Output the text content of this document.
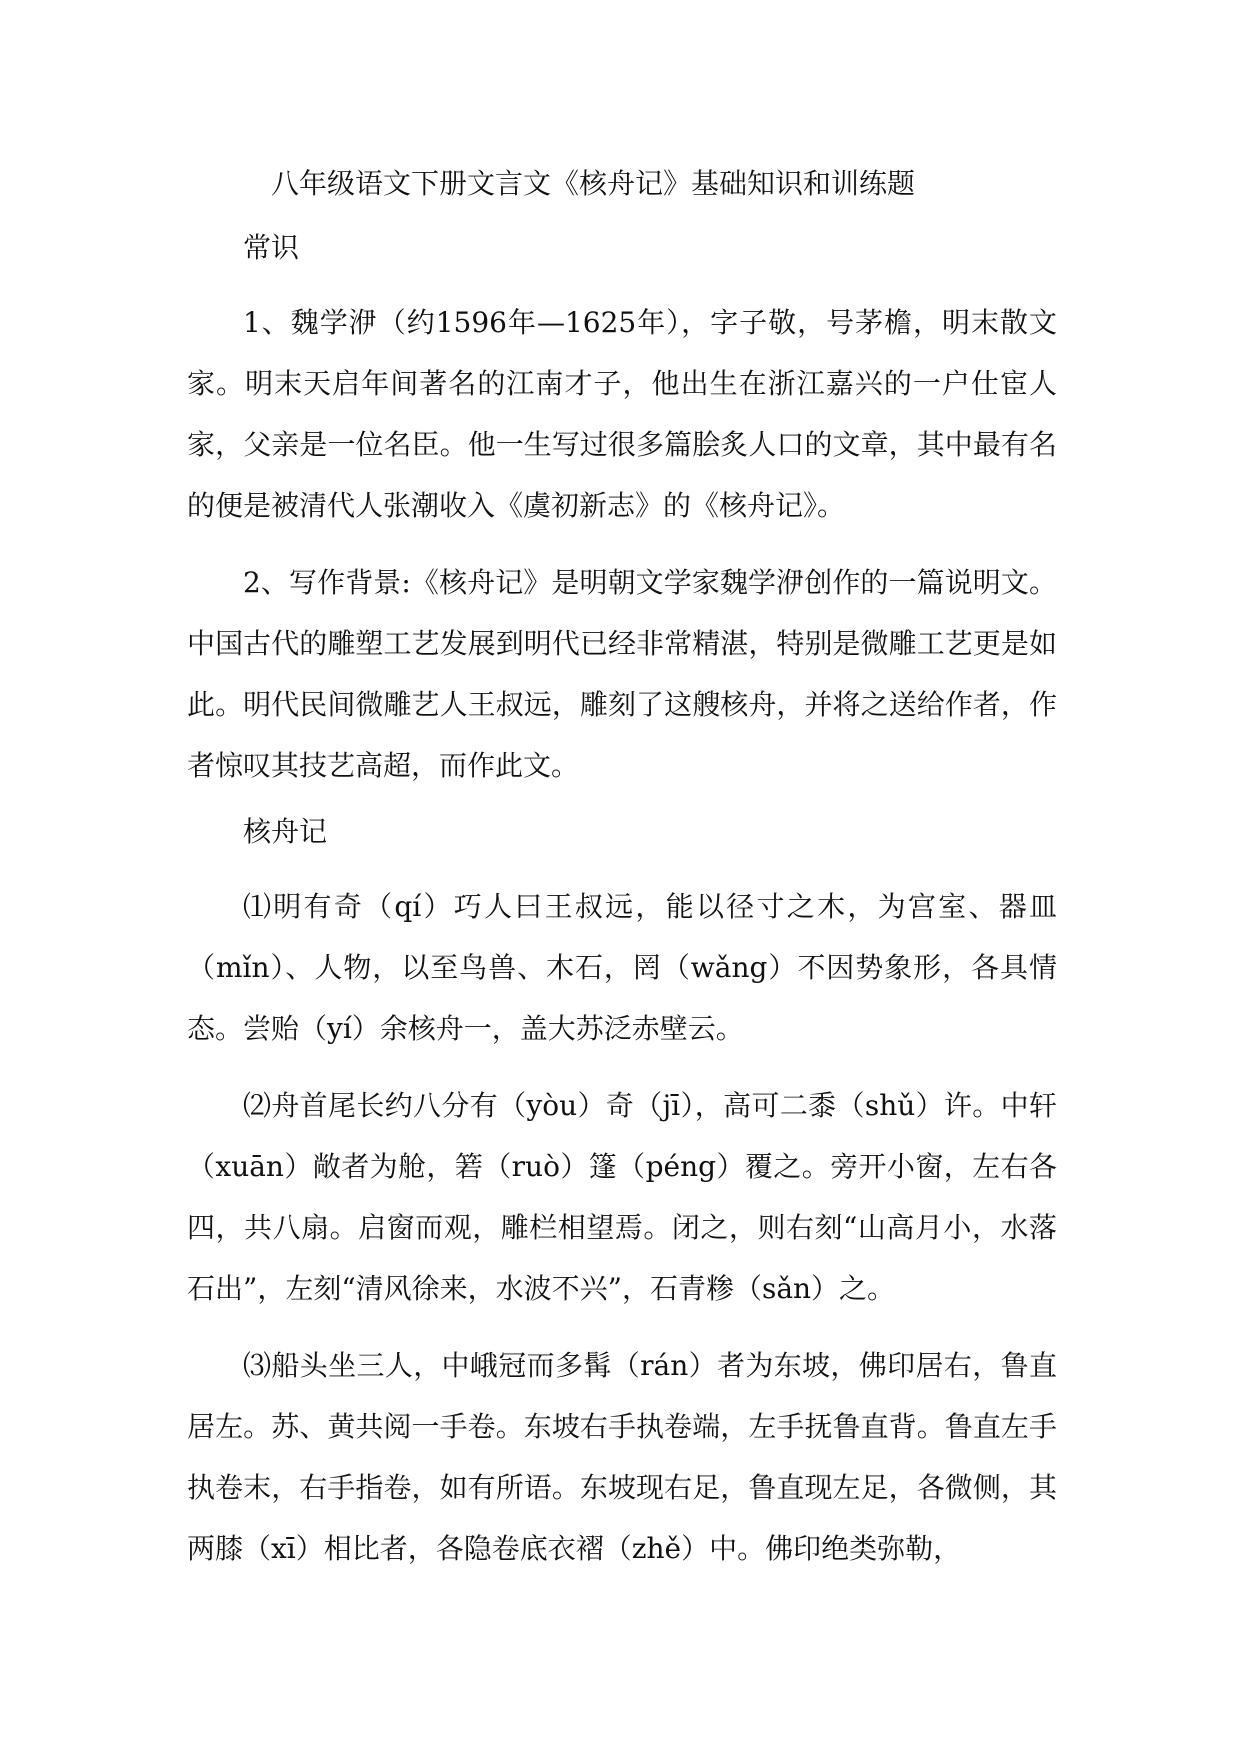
八年级语文下册文言文《核舟记》基础知识和训练题

常识

1、魏学洢（约1596年—1625年），字子敬，号茅檐，明末散文家。明末天启年间著名的江南才子，他出生在浙江嘉兴的一户仕宦人家，父亲是一位名臣。他一生写过很多篇脍炙人口的文章，其中最有名的便是被清代人张潮收入《虞初新志》的《核舟记》。

2、写作背景:《核舟记》是明朝文学家魏学洢创作的一篇说明文。中国古代的雕塑工艺发展到明代已经非常精湛，特别是微雕工艺更是如此。明代民间微雕艺人王叔远，雕刻了这艘核舟，并将之送给作者，作者惊叹其技艺高超，而作此文。

核舟记

⑴明有奇（qí）巧人曰王叔远，能以径寸之木，为宫室、器皿（mǐn）、人物，以至鸟兽、木石，罔（wǎng）不因势象形，各具情态。尝贻（yí）余核舟一，盖大苏泛赤壁云。

⑵舟首尾长约八分有（yòu）奇（jī），高可二黍（shǔ）许。中轩（xuān）敞者为舱，箬（ruò）篷（péng）覆之。旁开小窗，左右各四，共八扇。启窗而观，雕栏相望焉。闭之，则右刻“山高月小，水落石出”，左刻“清风徐来，水波不兴”，石青糁（sǎn）之。

⑶船头坐三人，中峨冠而多髯（rán）者为东坡，佛印居右，鲁直居左。苏、黄共阅一手卷。东坡右手执卷端，左手抚鲁直背。鲁直左手执卷末，右手指卷，如有所语。东坡现右足，鲁直现左足，各微侧，其两膝（xī）相比者，各隐卷底衣褶（zhě）中。佛印绝类弥勒，
